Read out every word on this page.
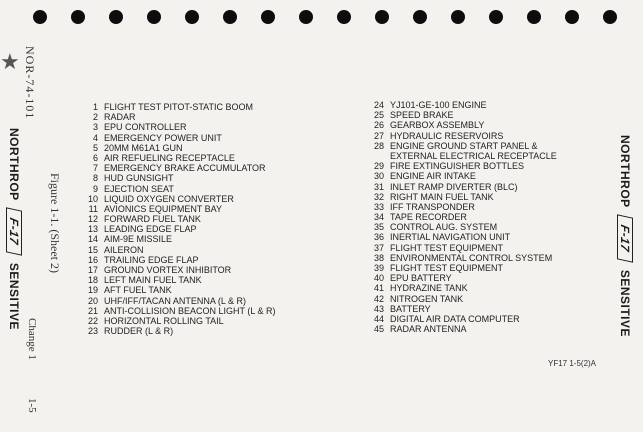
★ NOR-74-101
Figure 1-1. (Sheet 2)
Change 1
1-5
NORTHROP F-17 SENSITIVE
NORTHROP F-17 SENSITIVE
1 FLIGHT TEST PITOT-STATIC BOOM
2 RADAR
3 EPU CONTROLLER
4 EMERGENCY POWER UNIT
5 20MM M61A1 GUN
6 AIR REFUELING RECEPTACLE
7 EMERGENCY BRAKE ACCUMULATOR
8 HUD GUNSIGHT
9 EJECTION SEAT
10 LIQUID OXYGEN CONVERTER
11 AVIONICS EQUIPMENT BAY
12 FORWARD FUEL TANK
13 LEADING EDGE FLAP
14 AIM-9E MISSILE
15 AILERON
16 TRAILING EDGE FLAP
17 GROUND VORTEX INHIBITOR
18 LEFT MAIN FUEL TANK
19 AFT FUEL TANK
20 UHF/IFF/TACAN ANTENNA (L & R)
21 ANTI-COLLISION BEACON LIGHT (L & R)
22 HORIZONTAL ROLLING TAIL
23 RUDDER (L & R)
24 YJ101-GE-100 ENGINE
25 SPEED BRAKE
26 GEARBOX ASSEMBLY
27 HYDRAULIC RESERVOIRS
28 ENGINE GROUND START PANEL &
EXTERNAL ELECTRICAL RECEPTACLE
29 FIRE EXTINGUISHER BOTTLES
30 ENGINE AIR INTAKE
31 INLET RAMP DIVERTER (BLC)
32 RIGHT MAIN FUEL TANK
33 IFF TRANSPONDER
34 TAPE RECORDER
35 CONTROL AUG. SYSTEM
36 INERTIAL NAVIGATION UNIT
37 FLIGHT TEST EQUIPMENT
38 ENVIRONMENTAL CONTROL SYSTEM
39 FLIGHT TEST EQUIPMENT
40 EPU BATTERY
41 HYDRAZINE TANK
42 NITROGEN TANK
43 BATTERY
44 DIGITAL AIR DATA COMPUTER
45 RADAR ANTENNA
YF17 1-5(2)A
